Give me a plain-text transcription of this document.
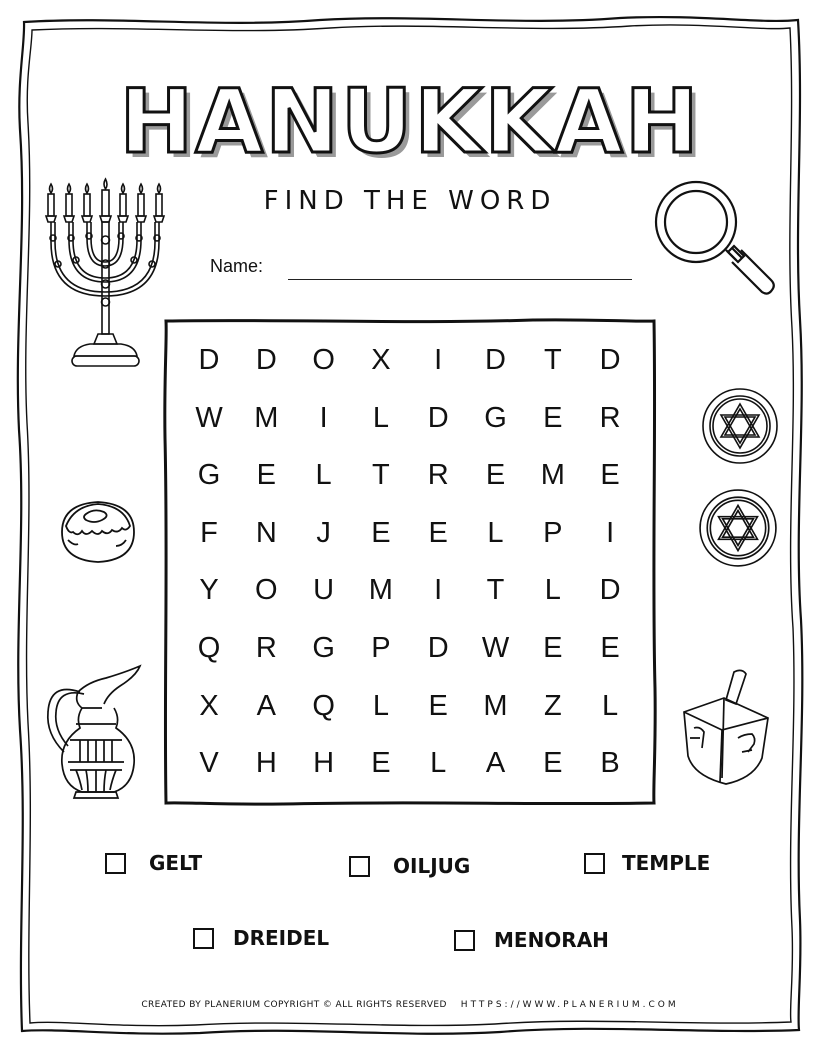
HANUKKAH
FIND THE WORD
Name:
D	D	O	X	I	D	T	D
W	M	I	L	D	G	E	R
G	E	L	T	R	E	M	E
F	N	J	E	E	L	P	I
Y	O	U	M	I	T	L	D
Q	R	G	P	D	W	E	E
X	A	Q	L	E	M	Z	L
V	H	H	E	L	A	E	B
GELT	OILJUG	TEMPLE
DREIDEL	MENORAH
CREATED BY PLANERIUM COPYRIGHT © ALL RIGHTS RESERVED HTTPS://WWW.PLANERIUM.COM
